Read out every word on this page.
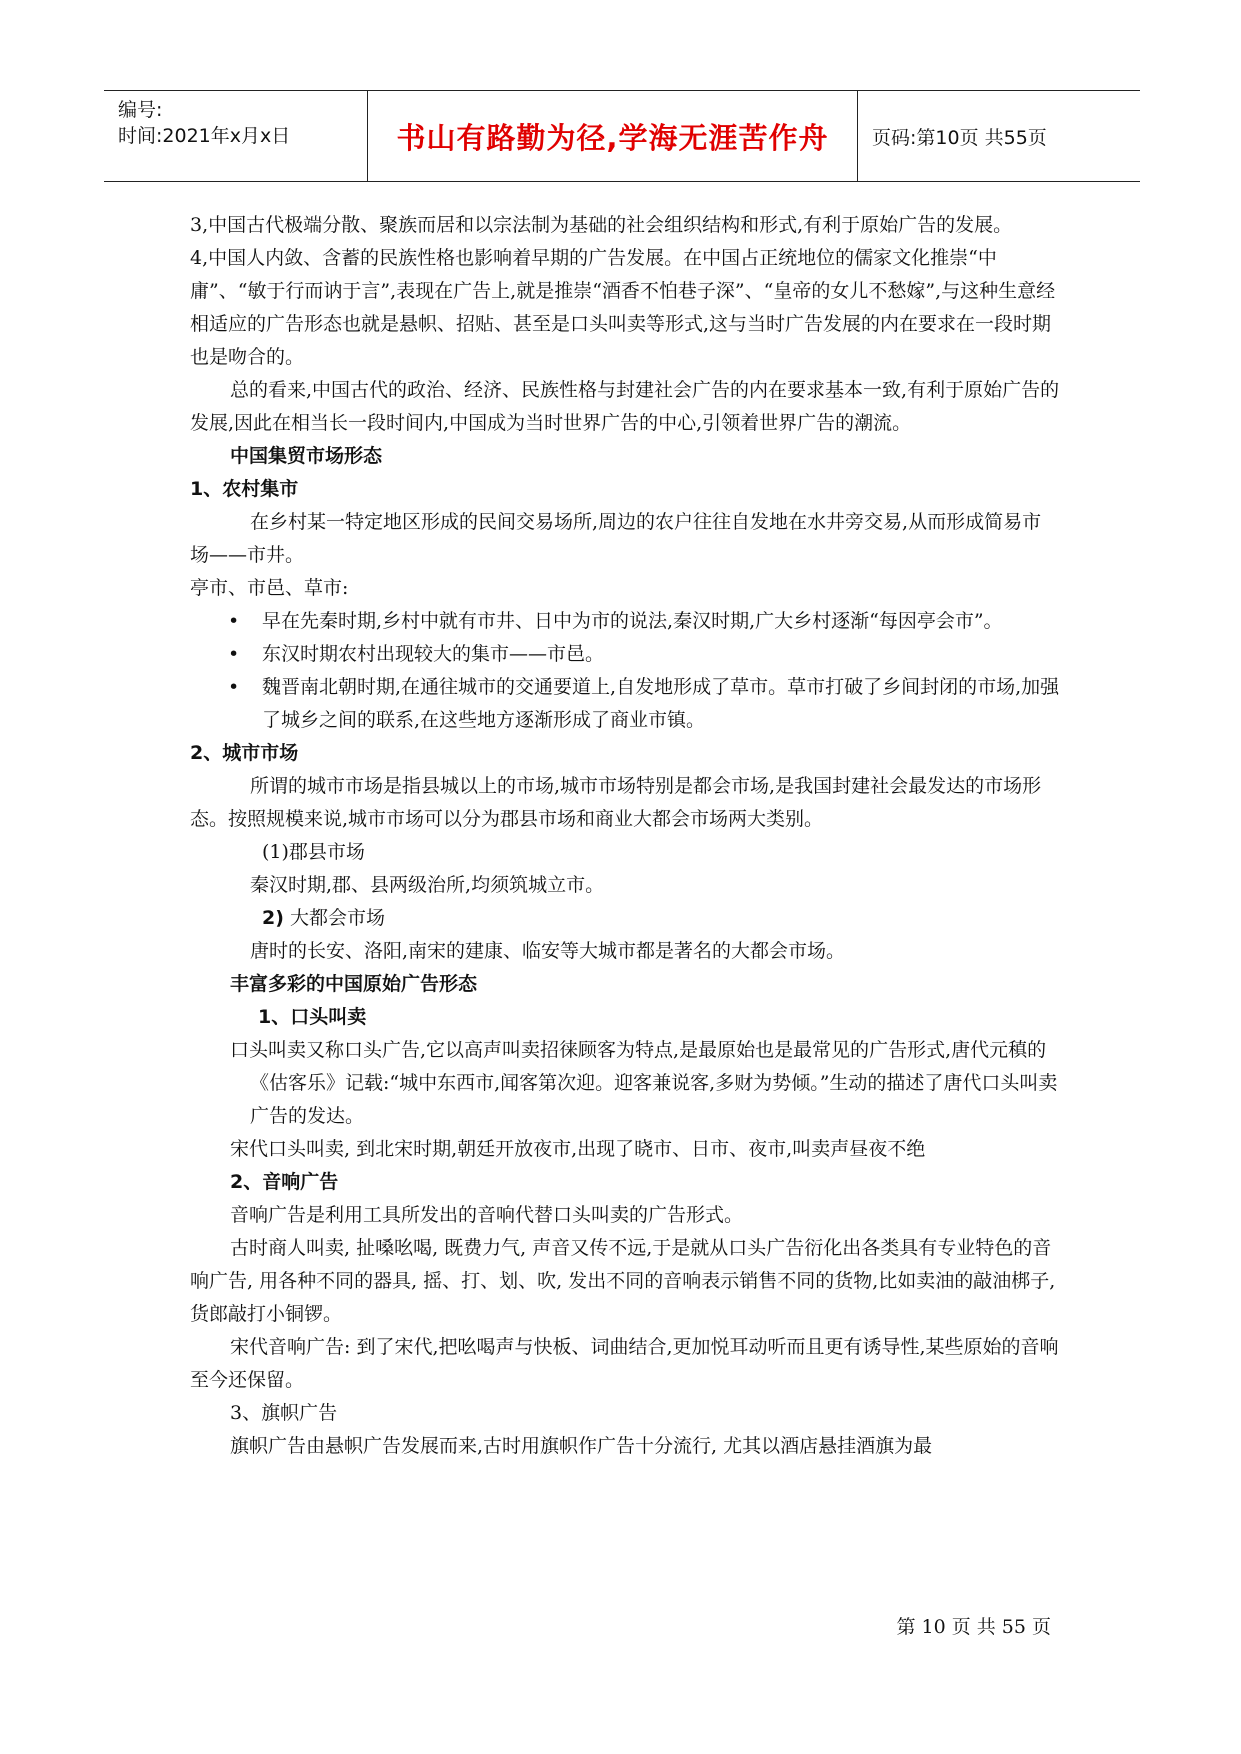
编号:
时间:2021年x月x日	书山有路勤为径,学海无涯苦作舟 页码:第10页 共55页

3,中国古代极端分散、聚族而居和以宗法制为基础的社会组织结构和形式,有利于原始广告的发展。

4,中国人内敛、含蓄的民族性格也影响着早期的广告发展。在中国占正统地位的儒家文化推崇“中庸”、“敏于行而讷于言”,表现在广告上,就是推崇“酒香不怕巷子深”、“皇帝的女儿不愁嫁”,与这种生意经相适应的广告形态也就是悬帜、招贴、甚至是口头叫卖等形式,这与当时广告发展的内在要求在一段时期也是吻合的。

总的看来,中国古代的政治、经济、民族性格与封建社会广告的内在要求基本一致,有利于原始广告的发展,因此在相当长一段时间内,中国成为当时世界广告的中心,引领着世界广告的潮流。

中国集贸市场形态

1、农村集市

在乡村某一特定地区形成的民间交易场所,周边的农户往往自发地在水井旁交易,从而形成简易市场——市井。

亭市、市邑、草市:

• 早在先秦时期,乡村中就有市井、日中为市的说法,秦汉时期,广大乡村逐渐“每因亭会市”。
• 东汉时期农村出现较大的集市——市邑。
• 魏晋南北朝时期,在通往城市的交通要道上,自发地形成了草市。草市打破了乡间封闭的市场,加强了城乡之间的联系,在这些地方逐渐形成了商业市镇。

2、城市市场

所谓的城市市场是指县城以上的市场,城市市场特别是都会市场,是我国封建社会最发达的市场形态。按照规模来说,城市市场可以分为郡县市场和商业大都会市场两大类别。

(1)郡县市场

秦汉时期,郡、县两级治所,均须筑城立市。

2) 大都会市场

唐时的长安、洛阳,南宋的建康、临安等大城市都是著名的大都会市场。

丰富多彩的中国原始广告形态

1、口头叫卖

口头叫卖又称口头广告,它以高声叫卖招徕顾客为特点,是最原始也是最常见的广告形式,唐代元稹的《估客乐》记载:“城中东西市,闻客第次迎。迎客兼说客,多财为势倾。”生动的描述了唐代口头叫卖广告的发达。

宋代口头叫卖, 到北宋时期,朝廷开放夜市,出现了晓市、日市、夜市,叫卖声昼夜不绝

2、音响广告

音响广告是利用工具所发出的音响代替口头叫卖的广告形式。

古时商人叫卖, 扯嗓吆喝, 既费力气, 声音又传不远,于是就从口头广告衍化出各类具有专业特色的音响广告, 用各种不同的器具, 摇、打、划、吹, 发出不同的音响表示销售不同的货物,比如卖油的敲油梆子,货郎敲打小铜锣。

宋代音响广告: 到了宋代,把吆喝声与快板、词曲结合,更加悦耳动听而且更有诱导性,某些原始的音响至今还保留。

3、旗帜广告

旗帜广告由悬帜广告发展而来,古时用旗帜作广告十分流行, 尤其以酒店悬挂酒旗为最

第 10 页 共 55 页
